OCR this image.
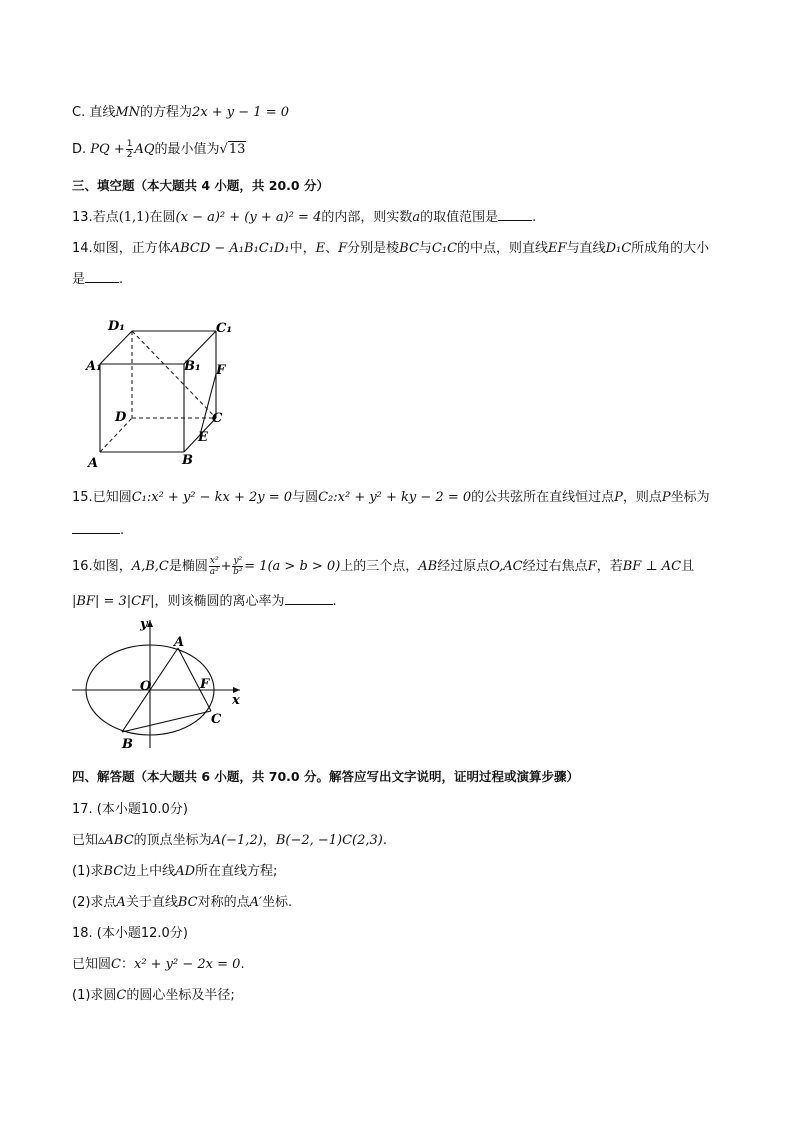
C. 直线MN的方程为2x + y − 1 = 0
D. PQ + $\frac{1}{2}$ AQ的最小值为√13
三、填空题（本大题共 4 小题，共 20.0 分）
13.若点(1,1)在圆(x − a)² + (y + a)² = 4的内部，则实数a的取值范围是	.
14.如图，正方体ABCD − A₁B₁C₁D₁中，E、F分别是棱BC与C₁C的中点，则直线EF与直线D₁C所成角的大小
是	.
D₁	C₁
A₁	B₁ F
D	C
E
A	B
15.已知圆C₁:x² + y² − kx + 2y = 0与圆C₂:x² + y² + ky − 2 = 0的公共弦所在直线恒过点P，则点P坐标为
.
16.如图，A,B,C是椭圆 $\frac{\text{x²}}{\text{a²}} + \frac{\text{y²}}{\text{b²}} = 1(a > b > 0)$上的三个点，AB经过原点O,AC经过右焦点F，若BF ⊥ AC且
|BF| = 3|CF|，则该椭圆的离心率为	.
y
A
O	F
x
C
B
四、解答题（本大题共 6 小题，共 70.0 分。解答应写出文字说明，证明过程或演算步骤）
17. (本小题10.0分)
已知▵ABC的顶点坐标为A(−1,2)，B(−2, −1)C(2,3).
(1)求BC边上中线AD所在直线方程;
(2)求点A关于直线BC对称的点A′坐标.
18. (本小题12.0分)
已知圆C：x² + y² − 2x = 0.
(1)求圆C的圆心坐标及半径;
